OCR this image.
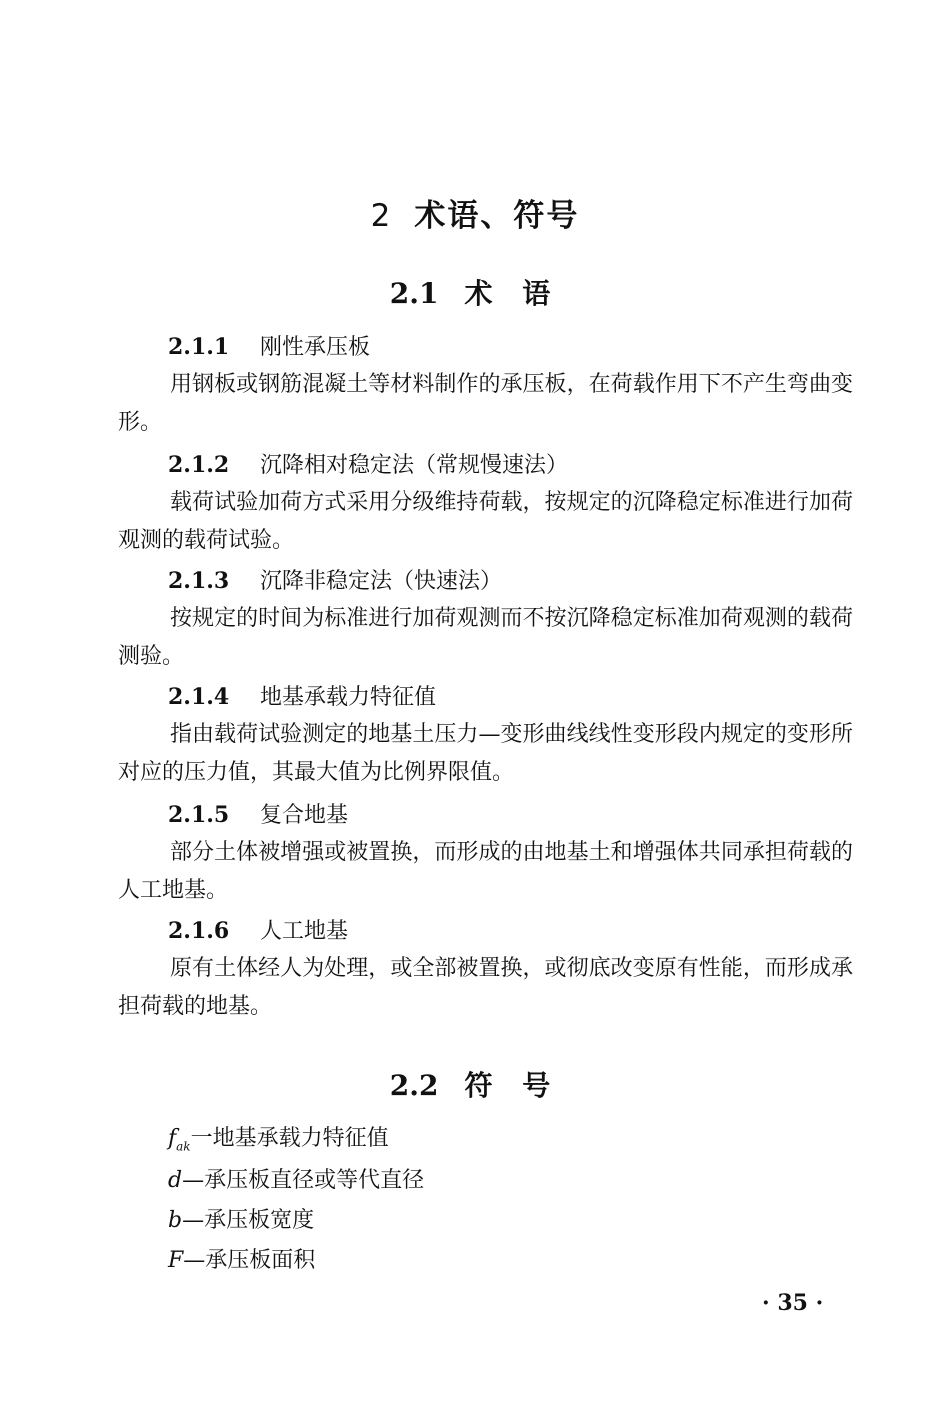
2 术语、符号
2.1 术 语
2.1.1 刚性承压板
用钢板或钢筋混凝土等材料制作的承压板，在荷载作用下不产生弯曲变形。
2.1.2 沉降相对稳定法（常规慢速法）
载荷试验加荷方式采用分级维持荷载，按规定的沉降稳定标准进行加荷观测的载荷试验。
2.1.3 沉降非稳定法（快速法）
按规定的时间为标准进行加荷观测而不按沉降稳定标准加荷观测的载荷测验。
2.1.4 地基承载力特征值
指由载荷试验测定的地基土压力—变形曲线线性变形段内规定的变形所对应的压力值，其最大值为比例界限值。
2.1.5 复合地基
部分土体被增强或被置换，而形成的由地基土和增强体共同承担荷载的人工地基。
2.1.6 人工地基
原有土体经人为处理，或全部被置换，或彻底改变原有性能，而形成承担荷载的地基。
2.2 符 号
$f_{ak}$一地基承载力特征值
d—承压板直径或等代直径
b—承压板宽度
F—承压板面积
· 35 ·
